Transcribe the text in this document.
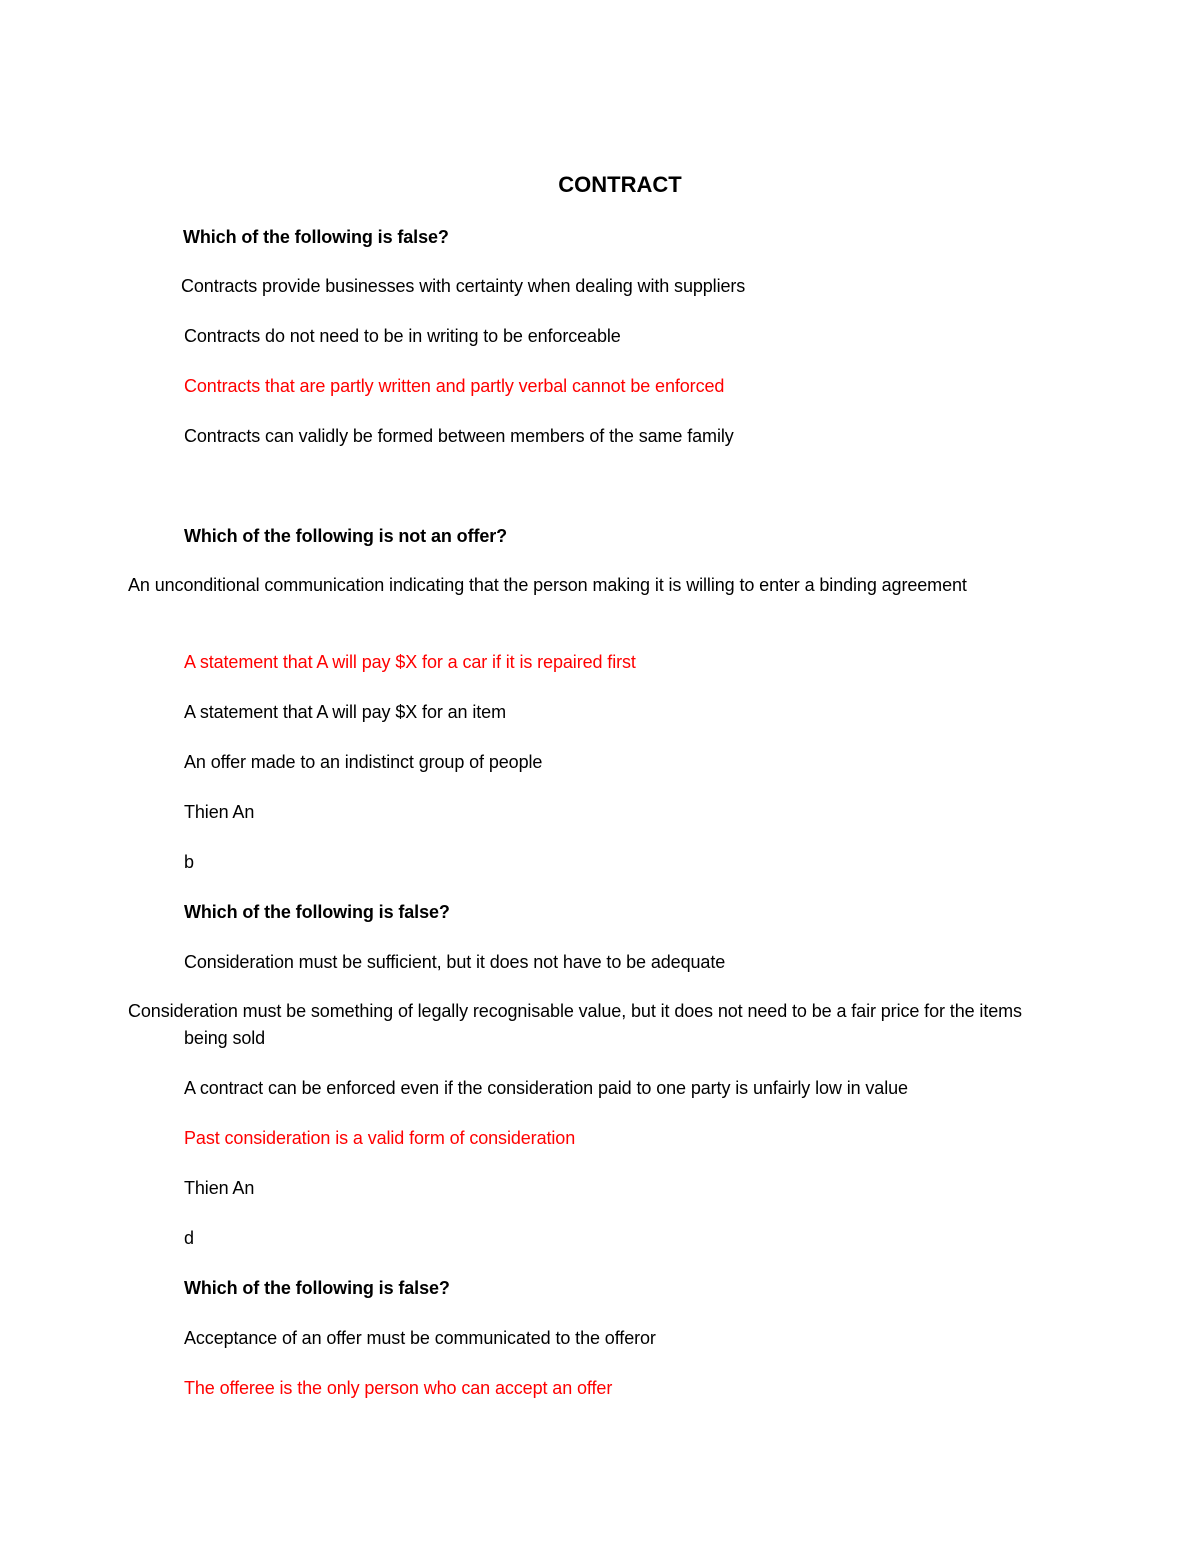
CONTRACT
Which of the following is false?
Contracts provide businesses with certainty when dealing with suppliers
Contracts do not need to be in writing to be enforceable
Contracts that are partly written and partly verbal cannot be enforced
Contracts can validly be formed between members of the same family
Which of the following is not an offer?
An unconditional communication indicating that the person making it is willing to enter a binding agreement
A statement that A will pay $X for a car if it is repaired first
A statement that A will pay $X for an item
An offer made to an indistinct group of people
Thien An
b
Which of the following is false?
Consideration must be sufficient, but it does not have to be adequate
Consideration must be something of legally recognisable value, but it does not need to be a fair price for the items being sold
A contract can be enforced even if the consideration paid to one party is unfairly low in value
Past consideration is a valid form of consideration
Thien An
d
Which of the following is false?
Acceptance of an offer must be communicated to the offeror
The offeree is the only person who can accept an offer
